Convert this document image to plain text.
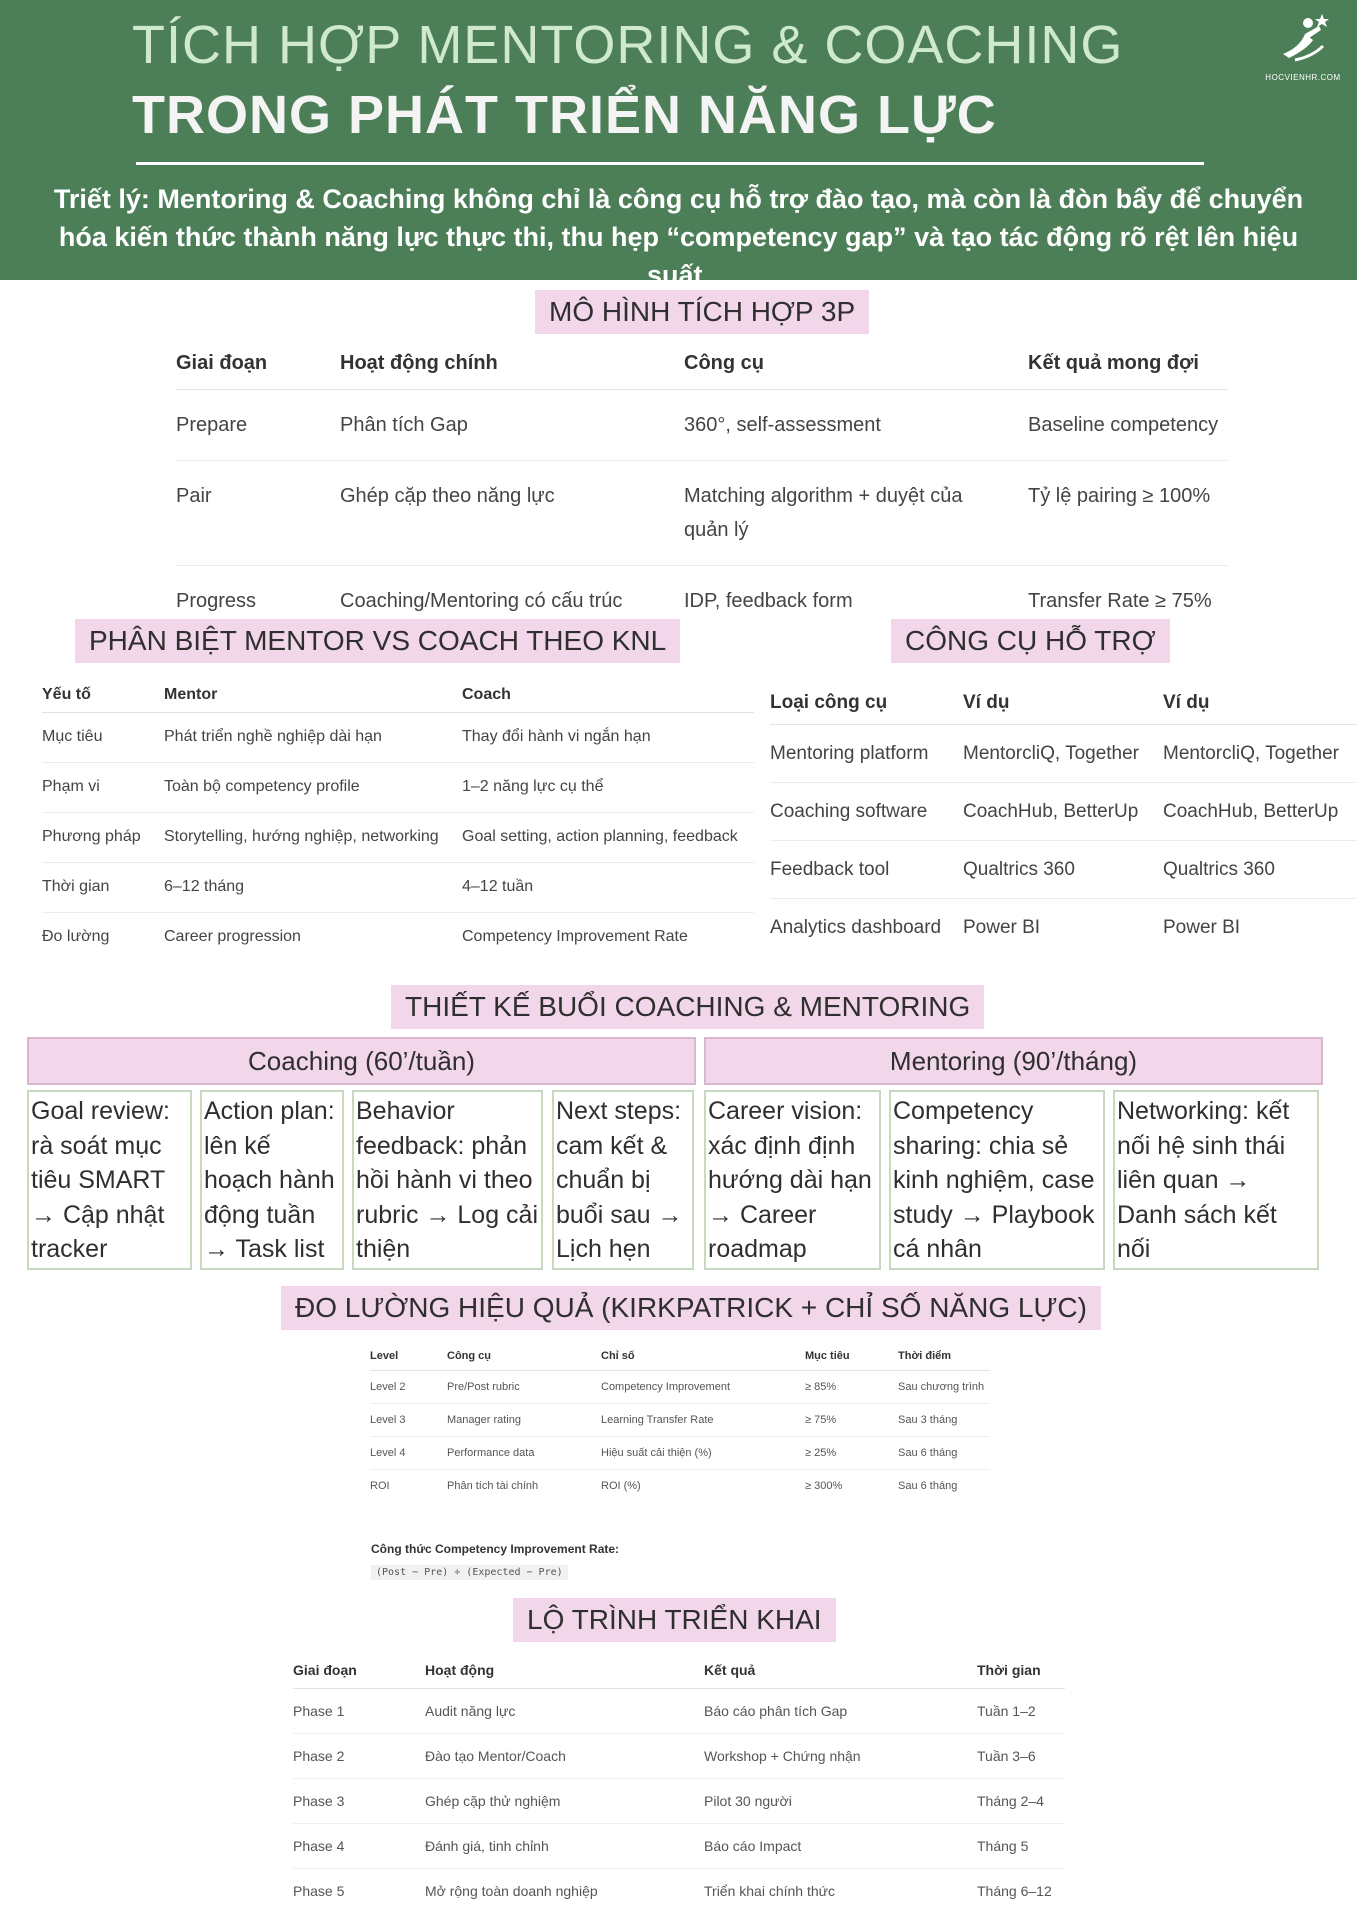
TÍCH HỢP MENTORING & COACHING
TRONG PHÁT TRIỂN NĂNG LỰC
Triết lý: Mentoring & Coaching không chỉ là công cụ hỗ trợ đào tạo, mà còn là đòn bẩy để chuyển hóa kiến thức thành năng lực thực thi, thu hẹp “competency gap” và tạo tác động rõ rệt lên hiệu suất.
HOCVIENHR.COM
MÔ HÌNH TÍCH HỢP 3P
Giai đoạn	Hoạt động chính	Công cụ	Kết quả mong đợi
Prepare	Phân tích Gap	360°, self-assessment	Baseline competency
Pair	Ghép cặp theo năng lực	Matching algorithm + duyệt của quản lý	Tỷ lệ pairing ≥ 100%
Progress	Coaching/Mentoring có cấu trúc	IDP, feedback form	Transfer Rate ≥ 75%
PHÂN BIỆT MENTOR VS COACH THEO KNL
Yếu tố	Mentor	Coach
Mục tiêu	Phát triển nghề nghiệp dài hạn	Thay đổi hành vi ngắn hạn
Phạm vi	Toàn bộ competency profile	1–2 năng lực cụ thể
Phương pháp	Storytelling, hướng nghiệp, networking	Goal setting, action planning, feedback
Thời gian	6–12 tháng	4–12 tuần
Đo lường	Career progression	Competency Improvement Rate
CÔNG CỤ HỖ TRỢ
Loại công cụ	Ví dụ	Ví dụ
Mentoring platform	MentorcliQ, Together	MentorcliQ, Together
Coaching software	CoachHub, BetterUp	CoachHub, BetterUp
Feedback tool	Qualtrics 360	Qualtrics 360
Analytics dashboard	Power BI	Power BI
THIẾT KẾ BUỔI COACHING & MENTORING
Coaching (60’/tuần)	Mentoring (90’/tháng)
Goal review: rà soát mục tiêu SMART → Cập nhật tracker
Action plan: lên kế hoạch hành động tuần → Task list
Behavior feedback: phản hồi hành vi theo rubric → Log cải thiện
Next steps: cam kết & chuẩn bị buổi sau → Lịch hẹn
Career vision: xác định định hướng dài hạn → Career roadmap
Competency sharing: chia sẻ kinh nghiệm, case study → Playbook cá nhân
Networking: kết nối hệ sinh thái liên quan → Danh sách kết nối
ĐO LƯỜNG HIỆU QUẢ (KIRKPATRICK + CHỈ SỐ NĂNG LỰC)
Level	Công cụ	Chỉ số	Mục tiêu	Thời điểm
Level 2	Pre/Post rubric	Competency Improvement	≥ 85%	Sau chương trình
Level 3	Manager rating	Learning Transfer Rate	≥ 75%	Sau 3 tháng
Level 4	Performance data	Hiệu suất cải thiện (%)	≥ 25%	Sau 6 tháng
ROI	Phân tích tài chính	ROI (%)	≥ 300%	Sau 6 tháng
Công thức Competency Improvement Rate:
(Post − Pre) ÷ (Expected − Pre)
LỘ TRÌNH TRIỂN KHAI
Giai đoạn	Hoạt động	Kết quả	Thời gian
Phase 1	Audit năng lực	Báo cáo phân tích Gap	Tuần 1–2
Phase 2	Đào tạo Mentor/Coach	Workshop + Chứng nhận	Tuần 3–6
Phase 3	Ghép cặp thử nghiệm	Pilot 30 người	Tháng 2–4
Phase 4	Đánh giá, tinh chỉnh	Báo cáo Impact	Tháng 5
Phase 5	Mở rộng toàn doanh nghiệp	Triển khai chính thức	Tháng 6–12
